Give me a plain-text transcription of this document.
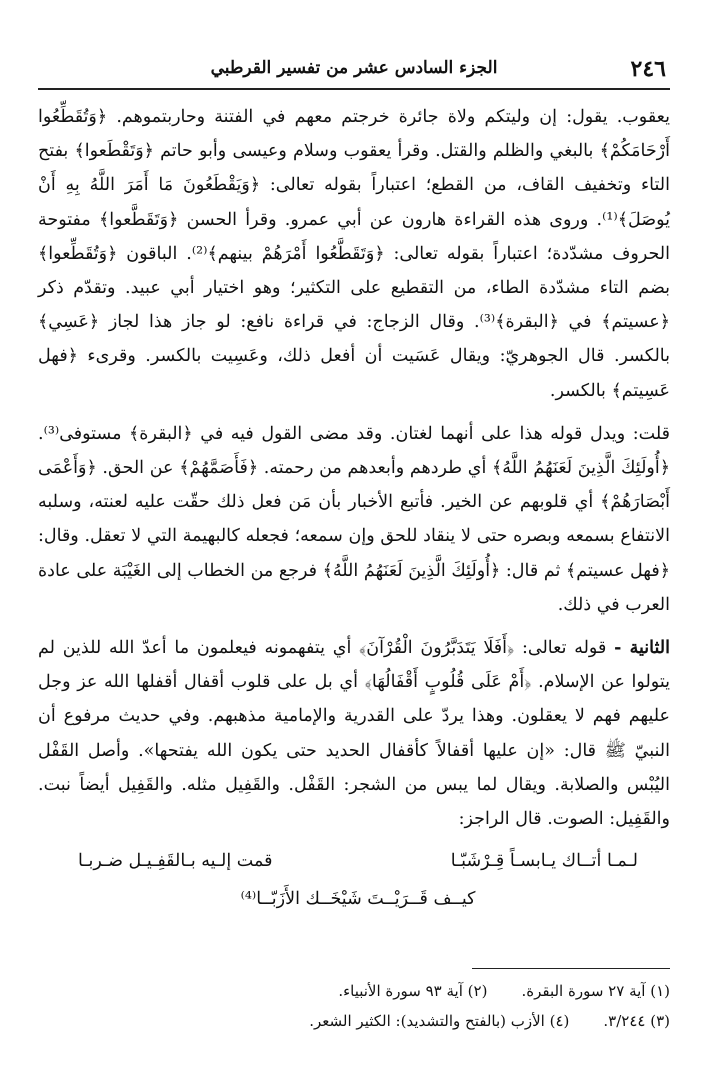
٢٤٦
الجزء السادس عشر من تفسير القرطبي

يعقوب. يقول: إن وليتكم ولاة جائرة خرجتم معهم في الفتنة وحاربتموهم. ﴿وَتُقَطِّعُوا أَرْحَامَكُمْ﴾ بالبغي والظلم والقتل. وقرأ يعقوب وسلام وعيسى وأبو حاتم ﴿وَتَقْطَعوا﴾ بفتح التاء وتخفيف القاف، من القطع؛ اعتباراً بقوله تعالى: ﴿وَيَقْطَعُونَ مَا أَمَرَ اللَّهُ بِهِ أَنْ يُوصَلَ﴾⁽¹⁾. وروى هذه القراءة هارون عن أبي عمرو. وقرأ الحسن ﴿وَتَقَطَّعوا﴾ مفتوحة الحروف مشدّدة؛ اعتباراً بقوله تعالى: ﴿وَتَقَطَّعُوا أَمْرَهُمْ بينهم﴾⁽²⁾. الباقون ﴿وَتُقَطِّعوا﴾ بضم التاء مشدّدة الطاء، من التقطيع على التكثير؛ وهو اختيار أبي عبيد. وتقدّم ذكر ﴿عسيتم﴾ في ﴿البقرة﴾⁽³⁾. وقال الزجاج: في قراءة نافع: لو جاز هذا لجاز ﴿عَسِي﴾ بالكسر. قال الجوهريّ: ويقال عَسَيت أن أفعل ذلك، وعَسِيت بالكسر. وقرىء ﴿فهل عَسِيتم﴾ بالكسر.

قلت: ويدل قوله هذا على أنهما لغتان. وقد مضى القول فيه في ﴿البقرة﴾ مستوفى⁽³⁾. ﴿أُولَئِكَ الَّذِينَ لَعَنَهُمُ اللَّهُ﴾ أي طردهم وأبعدهم من رحمته. ﴿فَأَصَمَّهُمْ﴾ عن الحق. ﴿وَأَعْمَى أَبْصَارَهُمْ﴾ أي قلوبهم عن الخير. فأتبع الأخبار بأن مَن فعل ذلك حقّت عليه لعنته، وسلبه الانتفاع بسمعه وبصره حتى لا ينقاد للحق وإن سمعه؛ فجعله كالبهيمة التي لا تعقل. وقال: ﴿فهل عسيتم﴾ ثم قال: ﴿أُولَئِكَ الَّذِينَ لَعَنَهُمُ اللَّهُ﴾ فرجع من الخطاب إلى الغَيْبَة على عادة العرب في ذلك.

الثانية - قوله تعالى: ﴿أَفَلَا يَتَدَبَّرُونَ الْقُرْآنَ﴾ أي يتفهمونه فيعلمون ما أعدّ الله للذين لم يتولوا عن الإسلام. ﴿أَمْ عَلَى قُلُوبٍ أَقْفَالُهَا﴾ أي بل على قلوب أقفال أقفلها الله عز وجل عليهم فهم لا يعقلون. وهذا يردّ على القدرية والإمامية مذهبهم. وفي حديث مرفوع أن النبيّ ﷺ قال: «إن عليها أقفالاً كأقفال الحديد حتى يكون الله يفتحها». وأصل القَفْل اليُبْس والصلابة. ويقال لما يبس من الشجر: القَفْل. والقَفِيل مثله. والقَفِيل أيضاً نبت. والقَفِيل: الصوت. قال الراجز:

لـمـا أتــاك يـابسـاً قِـرْشَبّـا
قمت إلـيه بـالقَفِـيـل ضـربـا
كيــف قَــرَيْــتَ شَيْخَــك الأَزَبّــا⁽⁴⁾
(١) آية ٢٧ سورة البقرة.
(٢) آية ٩٣ سورة الأنبياء.
(٣) ٣/٢٤٤.
(٤) الأزب (بالفتح والتشديد): الكثير الشعر.
